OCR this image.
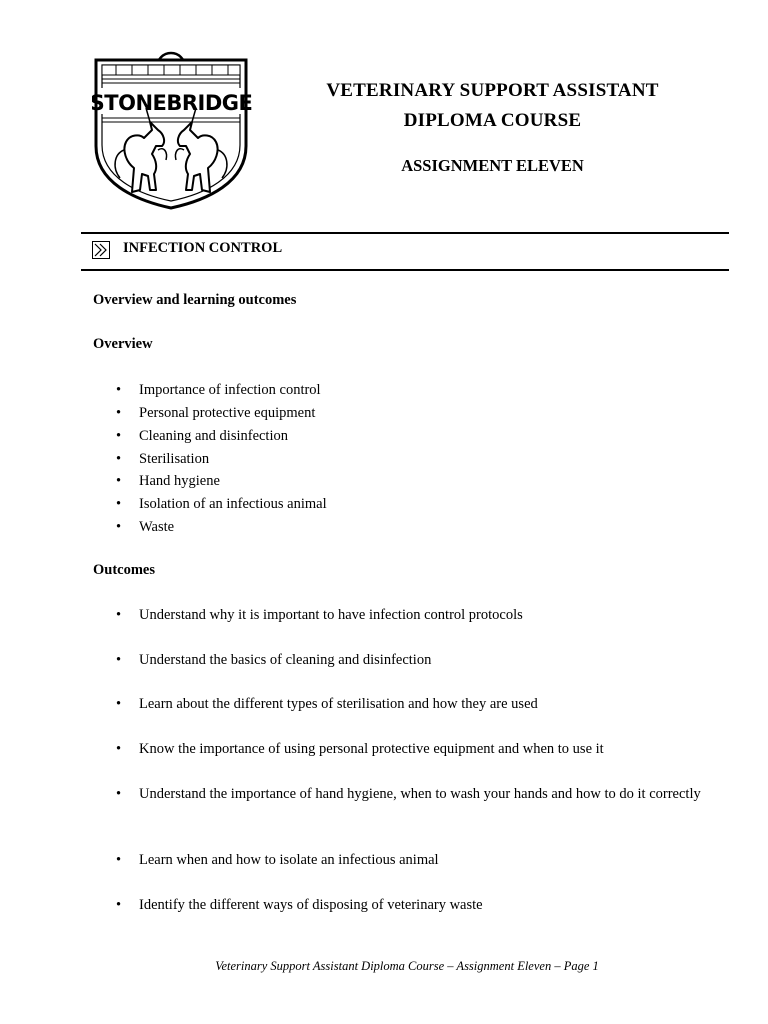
STONEBRIDGE
VETERINARY SUPPORT ASSISTANT
DIPLOMA COURSE
ASSIGNMENT ELEVEN
INFECTION CONTROL
Overview and learning outcomes
Overview
• Importance of infection control
• Personal protective equipment
• Cleaning and disinfection
• Sterilisation
• Hand hygiene
• Isolation of an infectious animal
• Waste
Outcomes
• Understand why it is important to have infection control protocols
• Understand the basics of cleaning and disinfection
• Learn about the different types of sterilisation and how they are used
• Know the importance of using personal protective equipment and when to use it
• Understand the importance of hand hygiene, when to wash your hands and how to do it correctly
• Learn when and how to isolate an infectious animal
• Identify the different ways of disposing of veterinary waste
Veterinary Support Assistant Diploma Course – Assignment Eleven – Page 1
